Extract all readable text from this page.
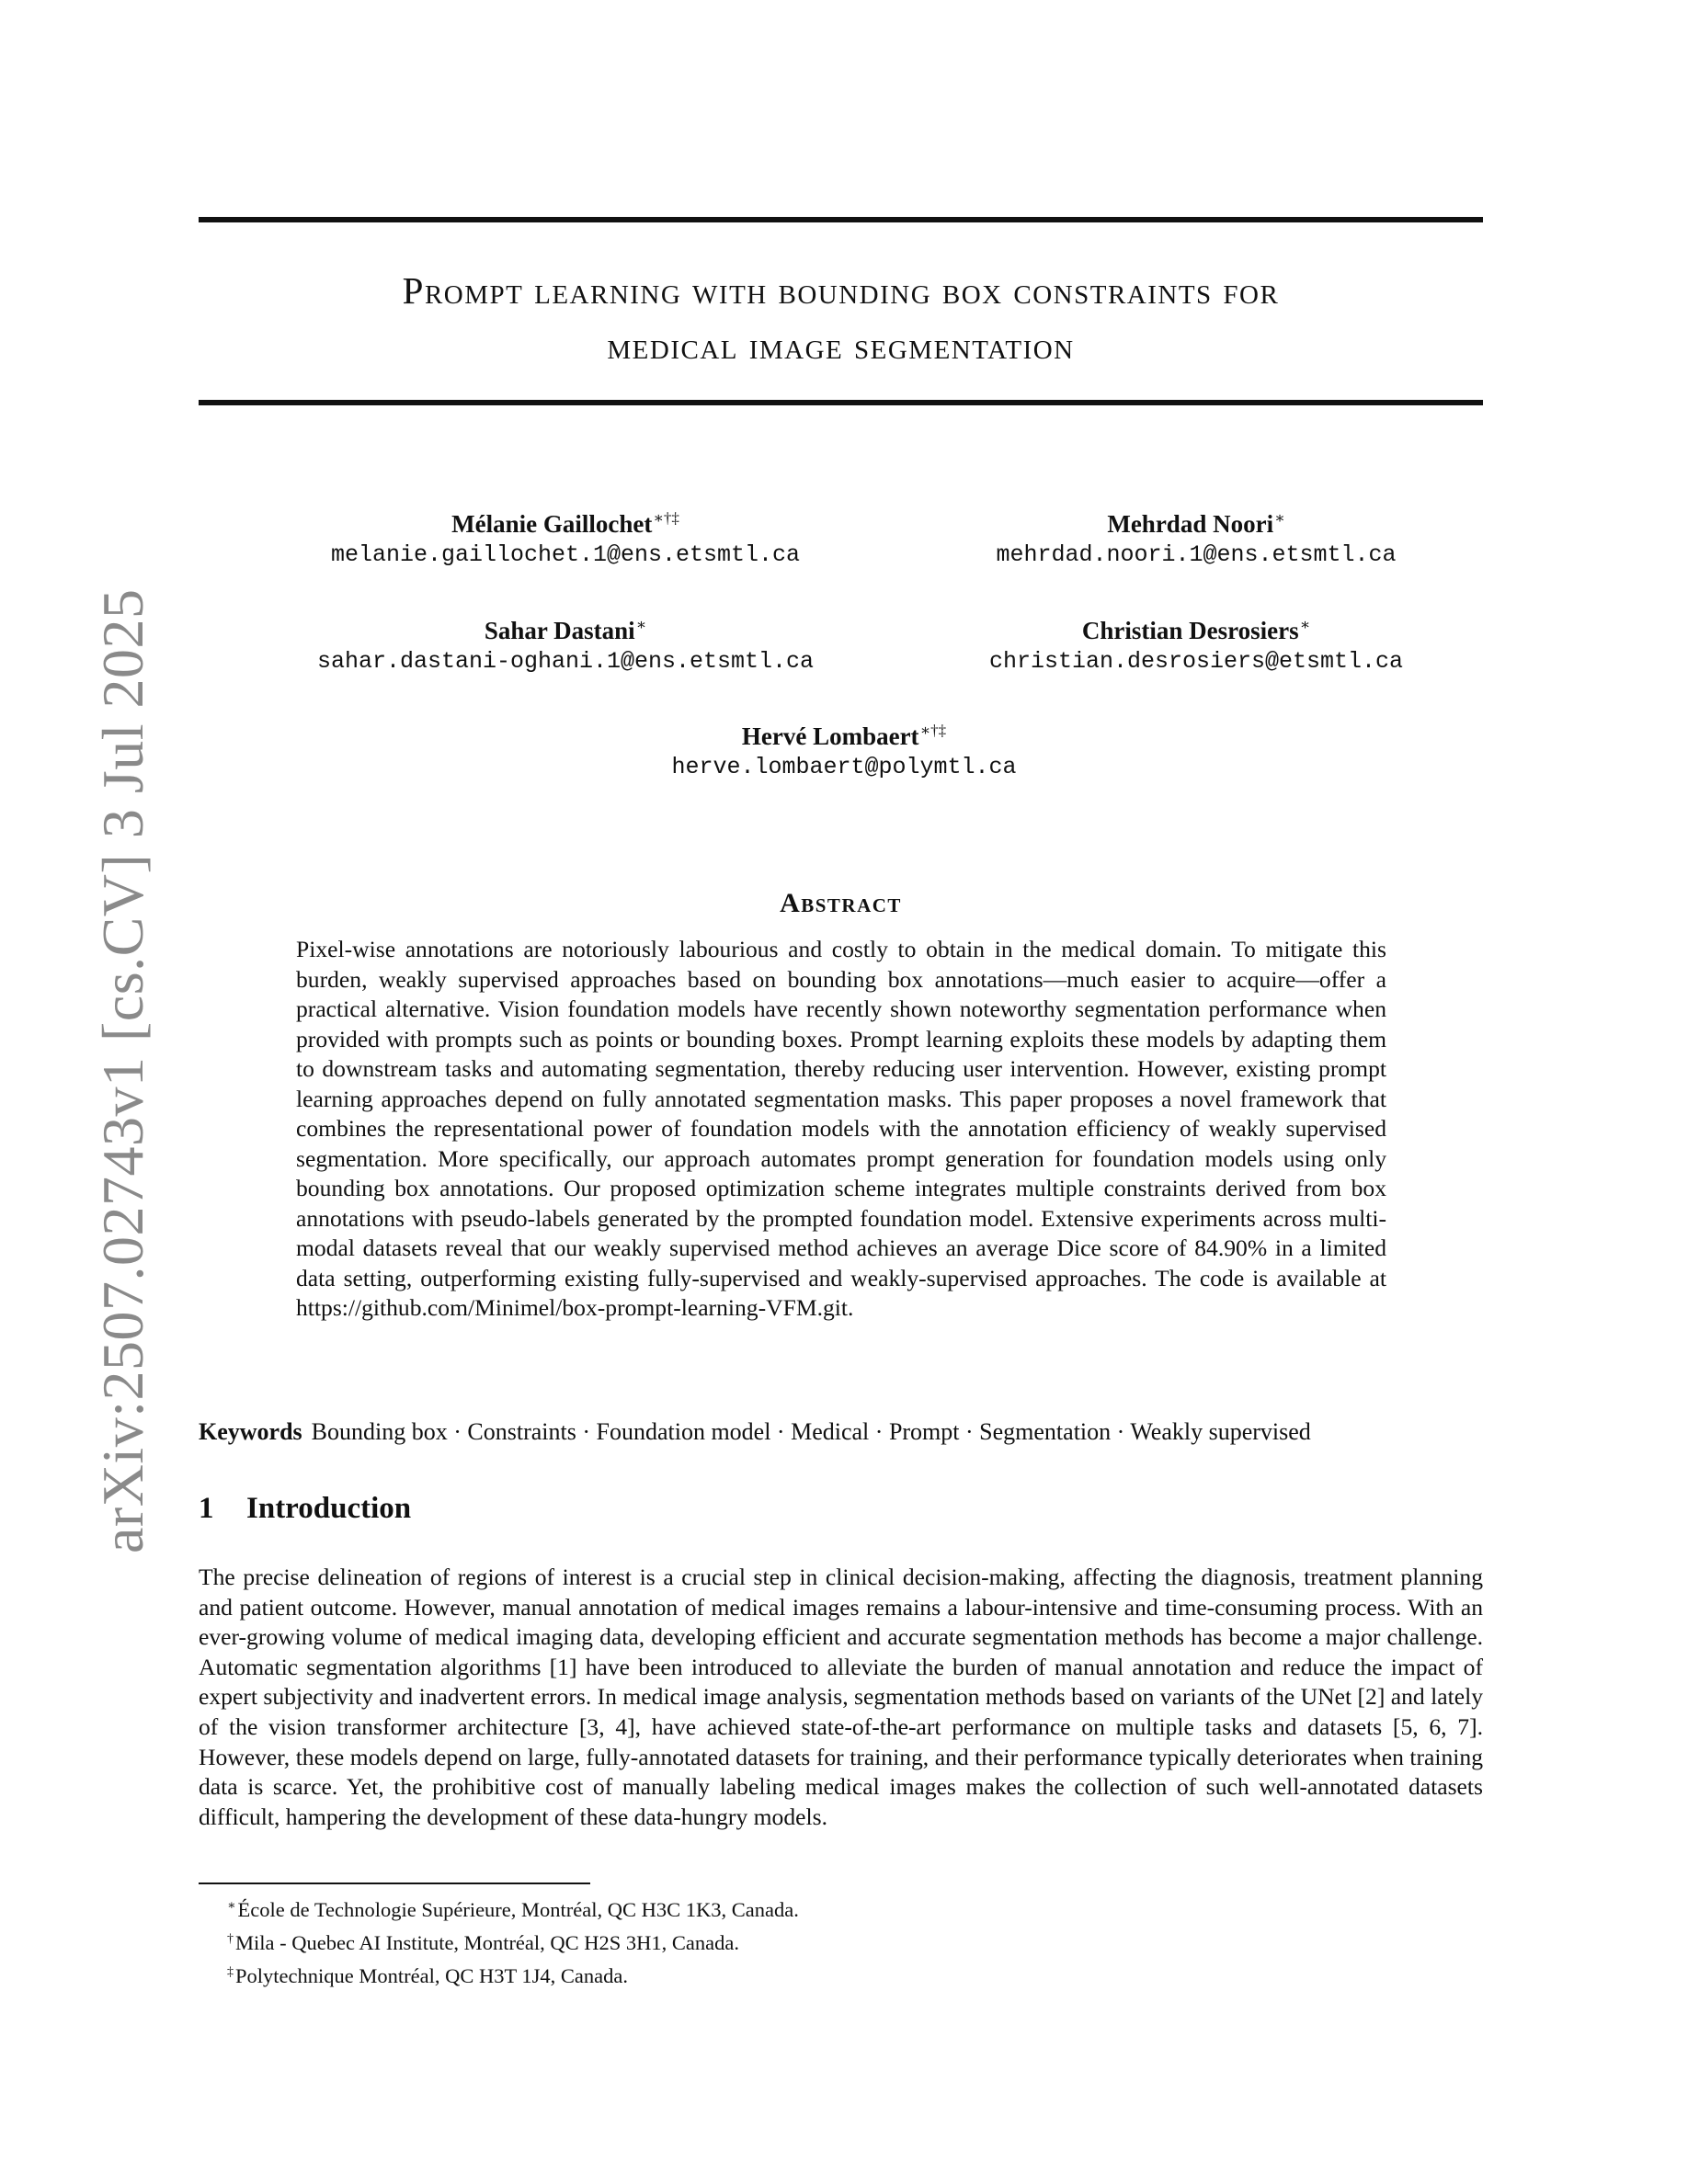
arXiv:2507.02743v1 [cs.CV] 3 Jul 2025
Prompt learning with bounding box constraints for
medical image segmentation
Mélanie Gaillochet∗†‡
melanie.gaillochet.1@ens.etsmtl.ca
Mehrdad Noori∗
mehrdad.noori.1@ens.etsmtl.ca
Sahar Dastani∗
sahar.dastani-oghani.1@ens.etsmtl.ca
Christian Desrosiers∗
christian.desrosiers@etsmtl.ca
Hervé Lombaert∗†‡
herve.lombaert@polymtl.ca
Abstract
Pixel-wise annotations are notoriously labourious and costly to obtain in the medical domain. To mitigate this burden, weakly supervised approaches based on bounding box annotations—much easier to acquire—offer a practical alternative. Vision foundation models have recently shown noteworthy segmentation performance when provided with prompts such as points or bounding boxes. Prompt learning exploits these models by adapting them to downstream tasks and automating segmentation, thereby reducing user intervention. However, existing prompt learning approaches depend on fully annotated segmentation masks. This paper proposes a novel framework that combines the representational power of foundation models with the annotation efficiency of weakly supervised segmentation. More specifically, our approach automates prompt generation for foundation models using only bounding box annotations. Our proposed optimization scheme integrates multiple constraints derived from box annotations with pseudo-labels generated by the prompted foundation model. Extensive experiments across multi-modal datasets reveal that our weakly supervised method achieves an average Dice score of 84.90% in a limited data setting, outperforming existing fully-supervised and weakly-supervised approaches. The code is available at https://github.com/Minimel/box-prompt-learning-VFM.git.
Keywords Bounding box · Constraints · Foundation model · Medical · Prompt · Segmentation · Weakly supervised
1 Introduction
The precise delineation of regions of interest is a crucial step in clinical decision-making, affecting the diagnosis, treatment planning and patient outcome. However, manual annotation of medical images remains a labour-intensive and time-consuming process. With an ever-growing volume of medical imaging data, developing efficient and accurate segmentation methods has become a major challenge. Automatic segmentation algorithms [1] have been introduced to alleviate the burden of manual annotation and reduce the impact of expert subjectivity and inadvertent errors. In medical image analysis, segmentation methods based on variants of the UNet [2] and lately of the vision transformer architecture [3, 4], have achieved state-of-the-art performance on multiple tasks and datasets [5, 6, 7]. However, these models depend on large, fully-annotated datasets for training, and their performance typically deteriorates when training data is scarce. Yet, the prohibitive cost of manually labeling medical images makes the collection of such well-annotated datasets difficult, hampering the development of these data-hungry models.
∗École de Technologie Supérieure, Montréal, QC H3C 1K3, Canada.
†Mila - Quebec AI Institute, Montréal, QC H2S 3H1, Canada.
‡Polytechnique Montréal, QC H3T 1J4, Canada.
